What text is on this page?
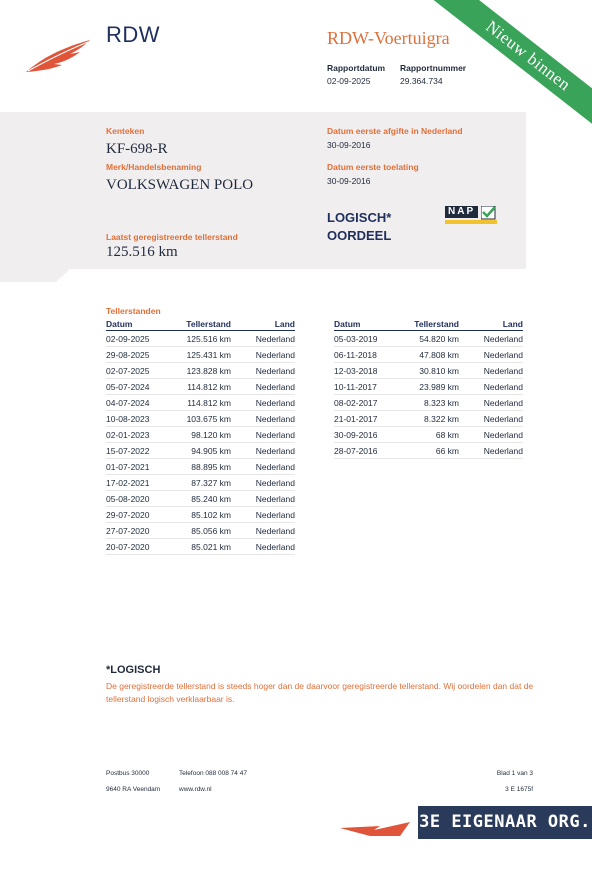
RDW	RDW-Voertuigra
Rapportdatum
02-09-2025
Rapportnummer
29.364.734
Kenteken
KF-698-R
Merk/Handelsbenaming
VOLKSWAGEN POLO
Laatst geregistreerde tellerstand
125.516 km
Datum eerste afgifte in Nederland
30-09-2016
Datum eerste toelating
30-09-2016
LOGISCH*
OORDEEL
NAP
Nieuw binnen
Tellerstanden
Datum	Tellerstand	Land
02-09-2025	125.516 km	Nederland
29-08-2025	125.431 km	Nederland
02-07-2025	123.828 km	Nederland
05-07-2024	114.812 km	Nederland
04-07-2024	114.812 km	Nederland
10-08-2023	103.675 km	Nederland
02-01-2023	98.120 km	Nederland
15-07-2022	94.905 km	Nederland
01-07-2021	88.895 km	Nederland
17-02-2021	87.327 km	Nederland
05-08-2020	85.240 km	Nederland
29-07-2020	85.102 km	Nederland
27-07-2020	85.056 km	Nederland
20-07-2020	85.021 km	Nederland
Datum	Tellerstand	Land
05-03-2019	54.820 km	Nederland
06-11-2018	47.808 km	Nederland
12-03-2018	30.810 km	Nederland
10-11-2017	23.989 km	Nederland
08-02-2017	8.323 km	Nederland
21-01-2017	8.322 km	Nederland
30-09-2016	68 km	Nederland
28-07-2016	66 km	Nederland
*LOGISCH
De geregistreerde tellerstand is steeds hoger dan de daarvoor geregistreerde tellerstand. Wij oordelen dan dat de tellerstand logisch verklaarbaar is.
Postbus 30000
9640 RA Veendam
Telefoon 088 008 74 47
www.rdw.nl
Blad 1 van 3
3 E 1675f
3E EIGENAAR ORG. NL
